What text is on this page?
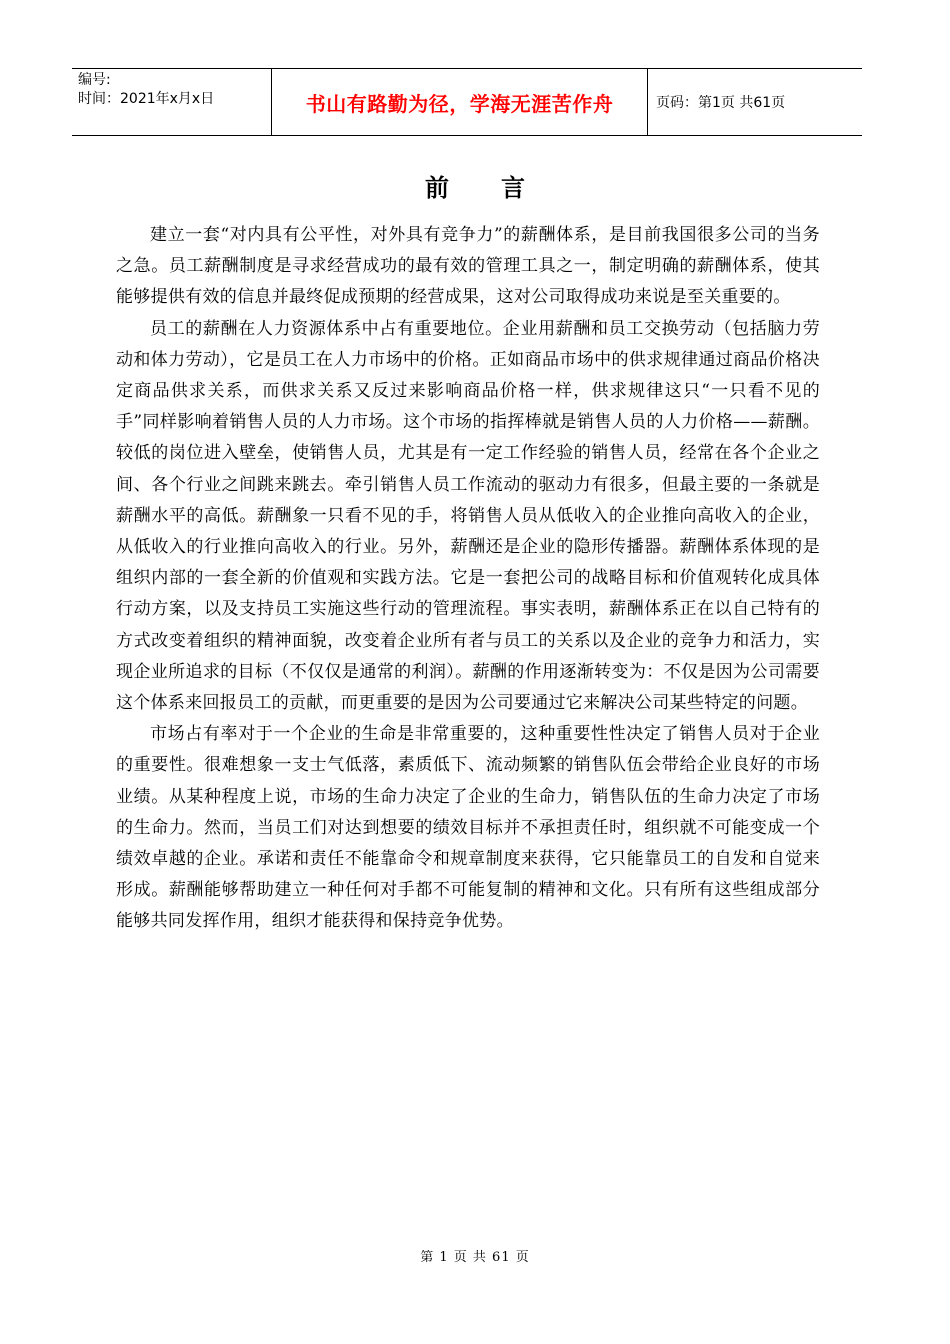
编号:
时间：2021年x月x日	书山有路勤为径，学海无涯苦作舟	页码：第1页 共61页
前言

建立一套“对内具有公平性，对外具有竞争力”的薪酬体系，是目前我国很多公司的当务之急。员工薪酬制度是寻求经营成功的最有效的管理工具之一，制定明确的薪酬体系，使其能够提供有效的信息并最终促成预期的经营成果，这对公司取得成功来说是至关重要的。

员工的薪酬在人力资源体系中占有重要地位。企业用薪酬和员工交换劳动（包括脑力劳动和体力劳动），它是员工在人力市场中的价格。正如商品市场中的供求规律通过商品价格决定商品供求关系，而供求关系又反过来影响商品价格一样，供求规律这只“一只看不见的手”同样影响着销售人员的人力市场。这个市场的指挥棒就是销售人员的人力价格——薪酬。较低的岗位进入壁垒，使销售人员，尤其是有一定工作经验的销售人员，经常在各个企业之间、各个行业之间跳来跳去。牵引销售人员工作流动的驱动力有很多，但最主要的一条就是薪酬水平的高低。薪酬象一只看不见的手，将销售人员从低收入的企业推向高收入的企业，从低收入的行业推向高收入的行业。另外，薪酬还是企业的隐形传播器。薪酬体系体现的是组织内部的一套全新的价值观和实践方法。它是一套把公司的战略目标和价值观转化成具体行动方案，以及支持员工实施这些行动的管理流程。事实表明，薪酬体系正在以自己特有的方式改变着组织的精神面貌，改变着企业所有者与员工的关系以及企业的竞争力和活力，实现企业所追求的目标（不仅仅是通常的利润）。薪酬的作用逐渐转变为：不仅是因为公司需要这个体系来回报员工的贡献，而更重要的是因为公司要通过它来解决公司某些特定的问题。

市场占有率对于一个企业的生命是非常重要的，这种重要性性决定了销售人员对于企业的重要性。很难想象一支士气低落，素质低下、流动频繁的销售队伍会带给企业良好的市场业绩。从某种程度上说，市场的生命力决定了企业的生命力，销售队伍的生命力决定了市场的生命力。然而，当员工们对达到想要的绩效目标并不承担责任时，组织就不可能变成一个绩效卓越的企业。承诺和责任不能靠命令和规章制度来获得，它只能靠员工的自发和自觉来形成。薪酬能够帮助建立一种任何对手都不可能复制的精神和文化。只有所有这些组成部分能够共同发挥作用，组织才能获得和保持竞争优势。

第 1 页 共 61 页
